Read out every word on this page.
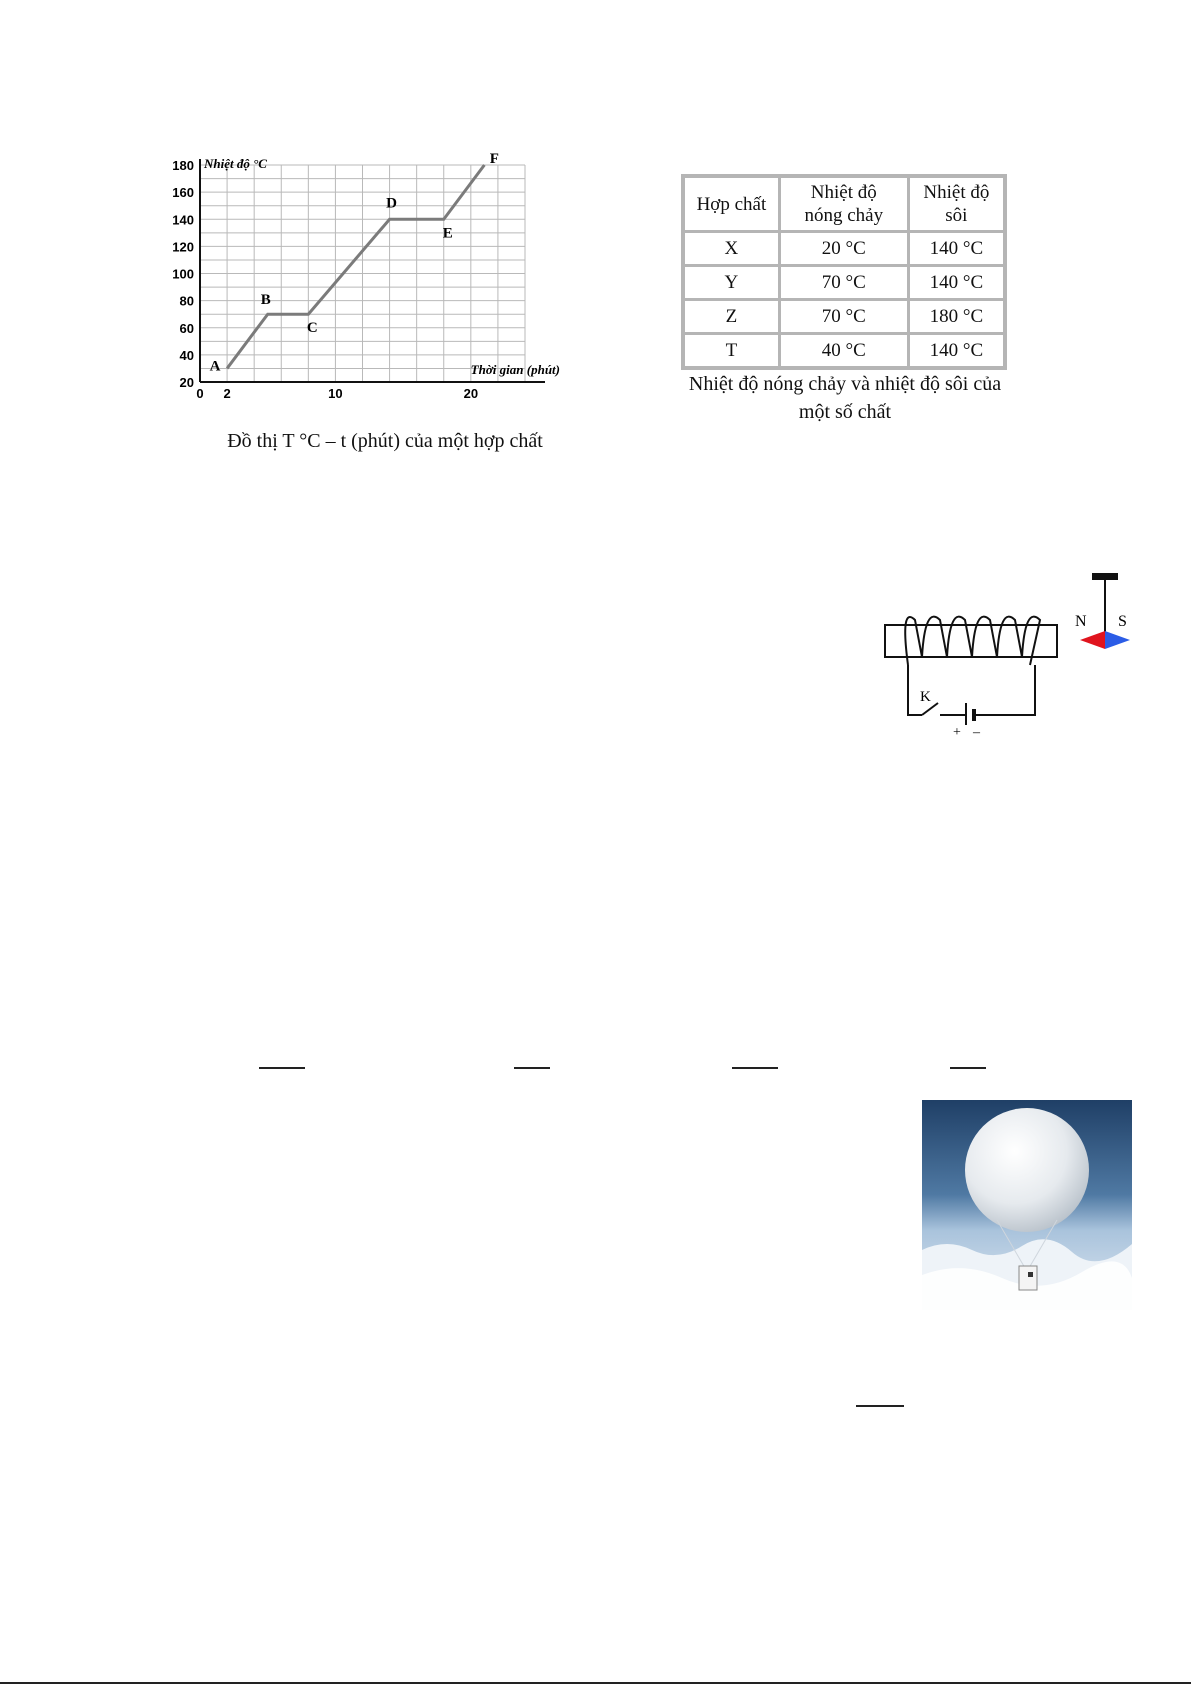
20
40
60
80
100
120
140
160
180
0 2	10	20
Nhiệt độ °C
Thời gian (phút)
A
B
C
D
E
F
Đồ thị T °C – t (phút) của một hợp chất
Hợp chất	Nhiệt độ nóng chảy	Nhiệt độ sôi
X	20 °C	140 °C
Y	70 °C	140 °C
Z	70 °C	180 °C
T	40 °C	140 °C
Nhiệt độ nóng chảy và nhiệt độ sôi của
một số chất
K
+ –
N S
